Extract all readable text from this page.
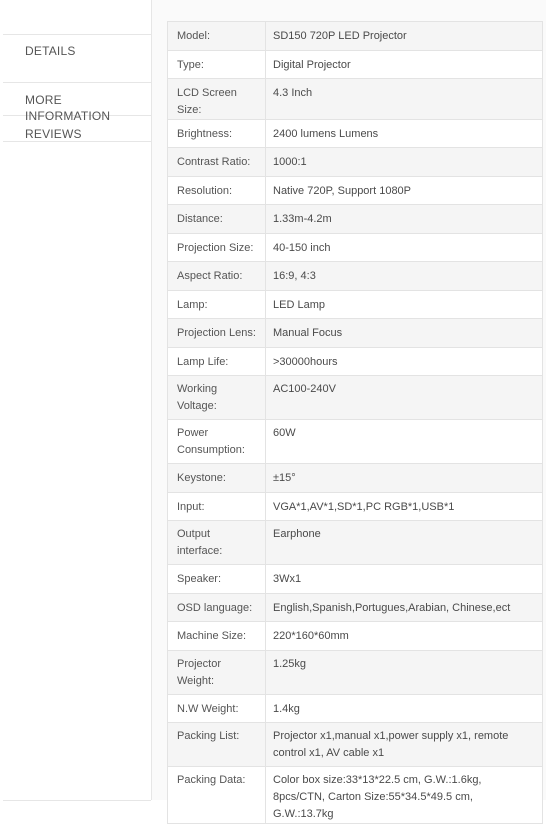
DETAILS
MORE INFORMATION
REVIEWS
Model:	SD150 720P LED Projector
Type:	Digital Projector
LCD Screen Size:	4.3 Inch
Brightness:	2400 lumens Lumens
Contrast Ratio:	1000:1
Resolution:	Native 720P, Support 1080P
Distance:	1.33m-4.2m
Projection Size:	40-150 inch
Aspect Ratio:	16:9, 4:3
Lamp:	LED Lamp
Projection Lens:	Manual Focus
Lamp Life:	>30000hours
Working Voltage:	AC100-240V
Power Consumption:	60W
Keystone:	±15°
Input:	VGA*1,AV*1,SD*1,PC RGB*1,USB*1
Output interface:	Earphone
Speaker:	3Wx1
OSD language:	English,Spanish,Portugues,Arabian, Chinese,ect
Machine Size:	220*160*60mm
Projector Weight:	1.25kg
N.W Weight:	1.4kg
Packing List:	Projector x1,manual x1,power supply x1, remote control x1, AV cable x1
Packing Data:	Color box size:33*13*22.5 cm, G.W.:1.6kg, 8pcs/CTN, Carton Size:55*34.5*49.5 cm, G.W.:13.7kg
